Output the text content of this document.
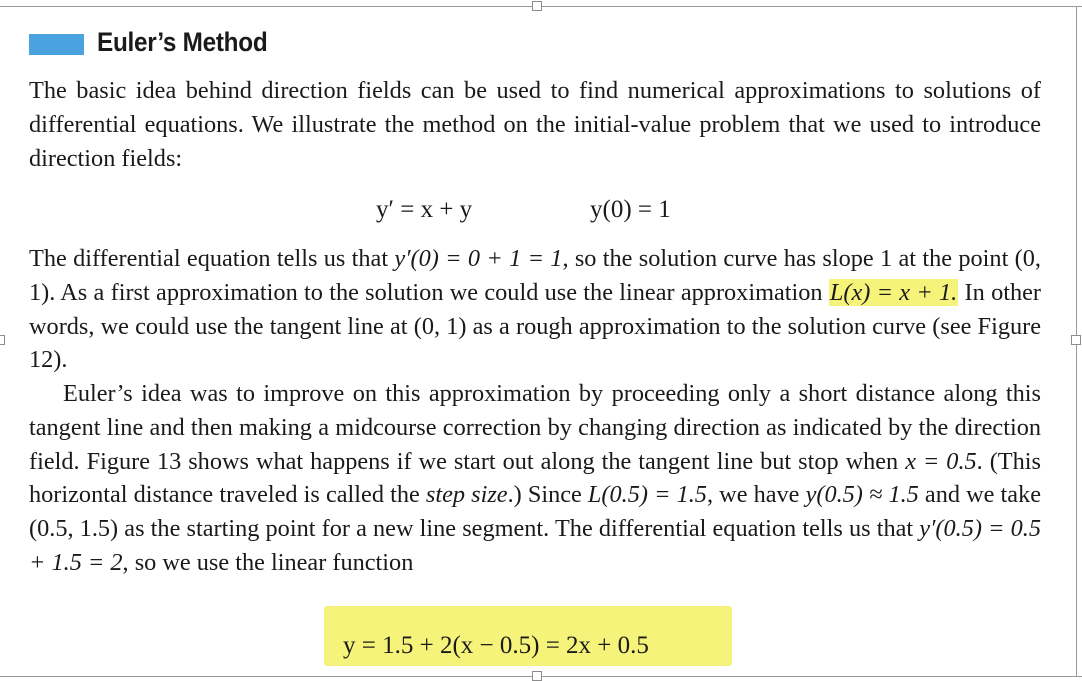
Euler’s Method

The basic idea behind direction fields can be used to find numerical approximations to solutions of differential equations. We illustrate the method on the initial-value problem that we used to introduce direction fields:

y′ = x + y	y(0) = 1

The differential equation tells us that y′(0) = 0 + 1 = 1, so the solution curve has slope 1 at the point (0, 1). As a first approximation to the solution we could use the linear approximation L(x) = x + 1. In other words, we could use the tangent line at (0, 1) as a rough approximation to the solution curve (see Figure 12).

Euler’s idea was to improve on this approximation by proceeding only a short distance along this tangent line and then making a midcourse correction by changing direction as indicated by the direction field. Figure 13 shows what happens if we start out along the tangent line but stop when x = 0.5. (This horizontal distance traveled is called the step size.) Since L(0.5) = 1.5, we have y(0.5) ≈ 1.5 and we take (0.5, 1.5) as the starting point for a new line segment. The differential equation tells us that y′(0.5) = 0.5 + 1.5 = 2, so we use the linear function

y = 1.5 + 2(x − 0.5) = 2x + 0.5
